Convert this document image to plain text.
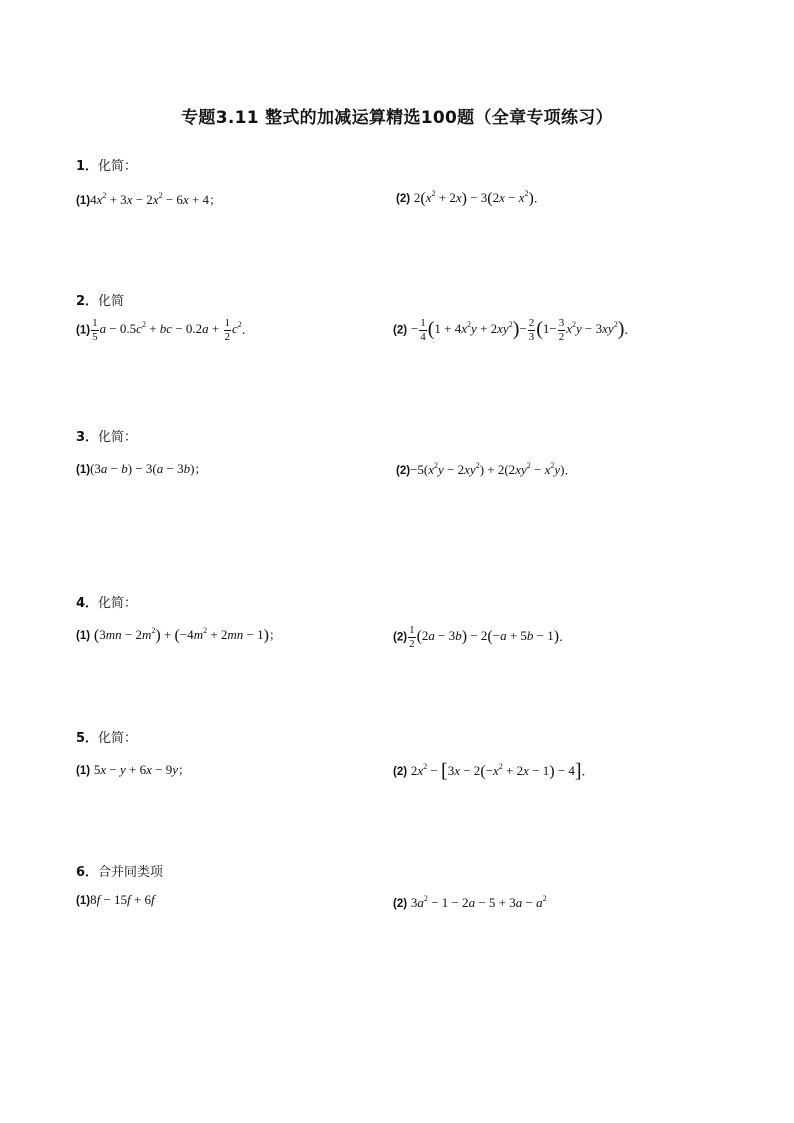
专题3.11 整式的加减运算精选100题（全章专项练习）
1．化简：
$(1)4x^2 + 3x - 2x^2 - 6x + 4$；	(2) $2(x^2 + 2x) - 3(2x - x^2)$．
2．化简
$(1) \frac{1}{5}$ $a - 0.5c^2$ + bc − $0.2a + \frac{1}{2} c^2$．	$(2) - \frac{1}{4} (1 + 4x^2y + 2xy^2)- \frac{2}{3} (1- \frac{3}{2} x^2y - 3xy^2)$．
3．化简：
(1)(3a − b) − 3(a − 3b)；	$(2)-5(x^2y - 2xy^2) + 2(2xy^2 - x^2y)$．
4．化简：
(1) $(3mn - 2m^2) + (-4m^2 + 2mn - 1)$；	$(2) \frac{1}{2} (2a - 3b) - 2(-a + 5b - 1)$．
5．化简：
(1) 5x − y + 6x − 9y；	(2) $2x^2 - [3x - 2(-x^2 + 2x - 1) - 4]$．
6．合并同类项
(1)8f − 15f + 6f	(2) $3a^2 - 1 - 2a - 5 + 3a - a^2$
